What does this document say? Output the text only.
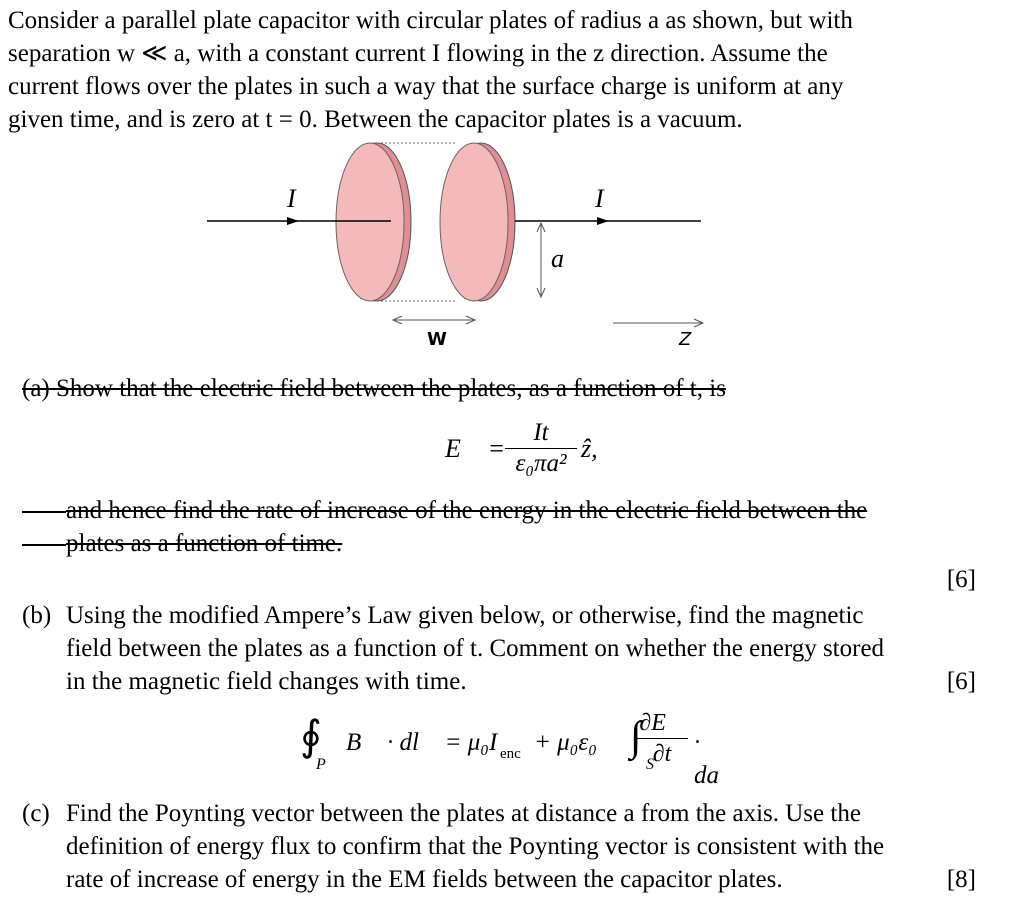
Consider a parallel plate capacitor with circular plates of radius a as shown, but with
separation w ≪ a, with a constant current I flowing in the z direction. Assume the
current flows over the plates in such a way that the surface charge is uniform at any
given time, and is zero at t = 0. Between the capacitor plates is a vacuum.
I	I
a
W	Z
(a) Show that the electric field between the plates, as a function of t, is
E⃗ =
It
ε₀πa²
ẑ,
and hence find the rate of increase of the energy in the electric field between the
plates as a function of time.
[6]
(b) Using the modified Ampere’s Law given below, or otherwise, find the magnetic
field between the plates as a function of t. Comment on whether the energy stored
in the magnetic field changes with time.	[6]
∮
P
B⃗ · dl⃗ = μ₀I enc + μ₀ε₀ ∫
S
∂E⃗
∂t · da⃗
(c) Find the Poynting vector between the plates at distance a from the axis. Use the
definition of energy flux to confirm that the Poynting vector is consistent with the
rate of increase of energy in the EM fields between the capacitor plates.	[8]
